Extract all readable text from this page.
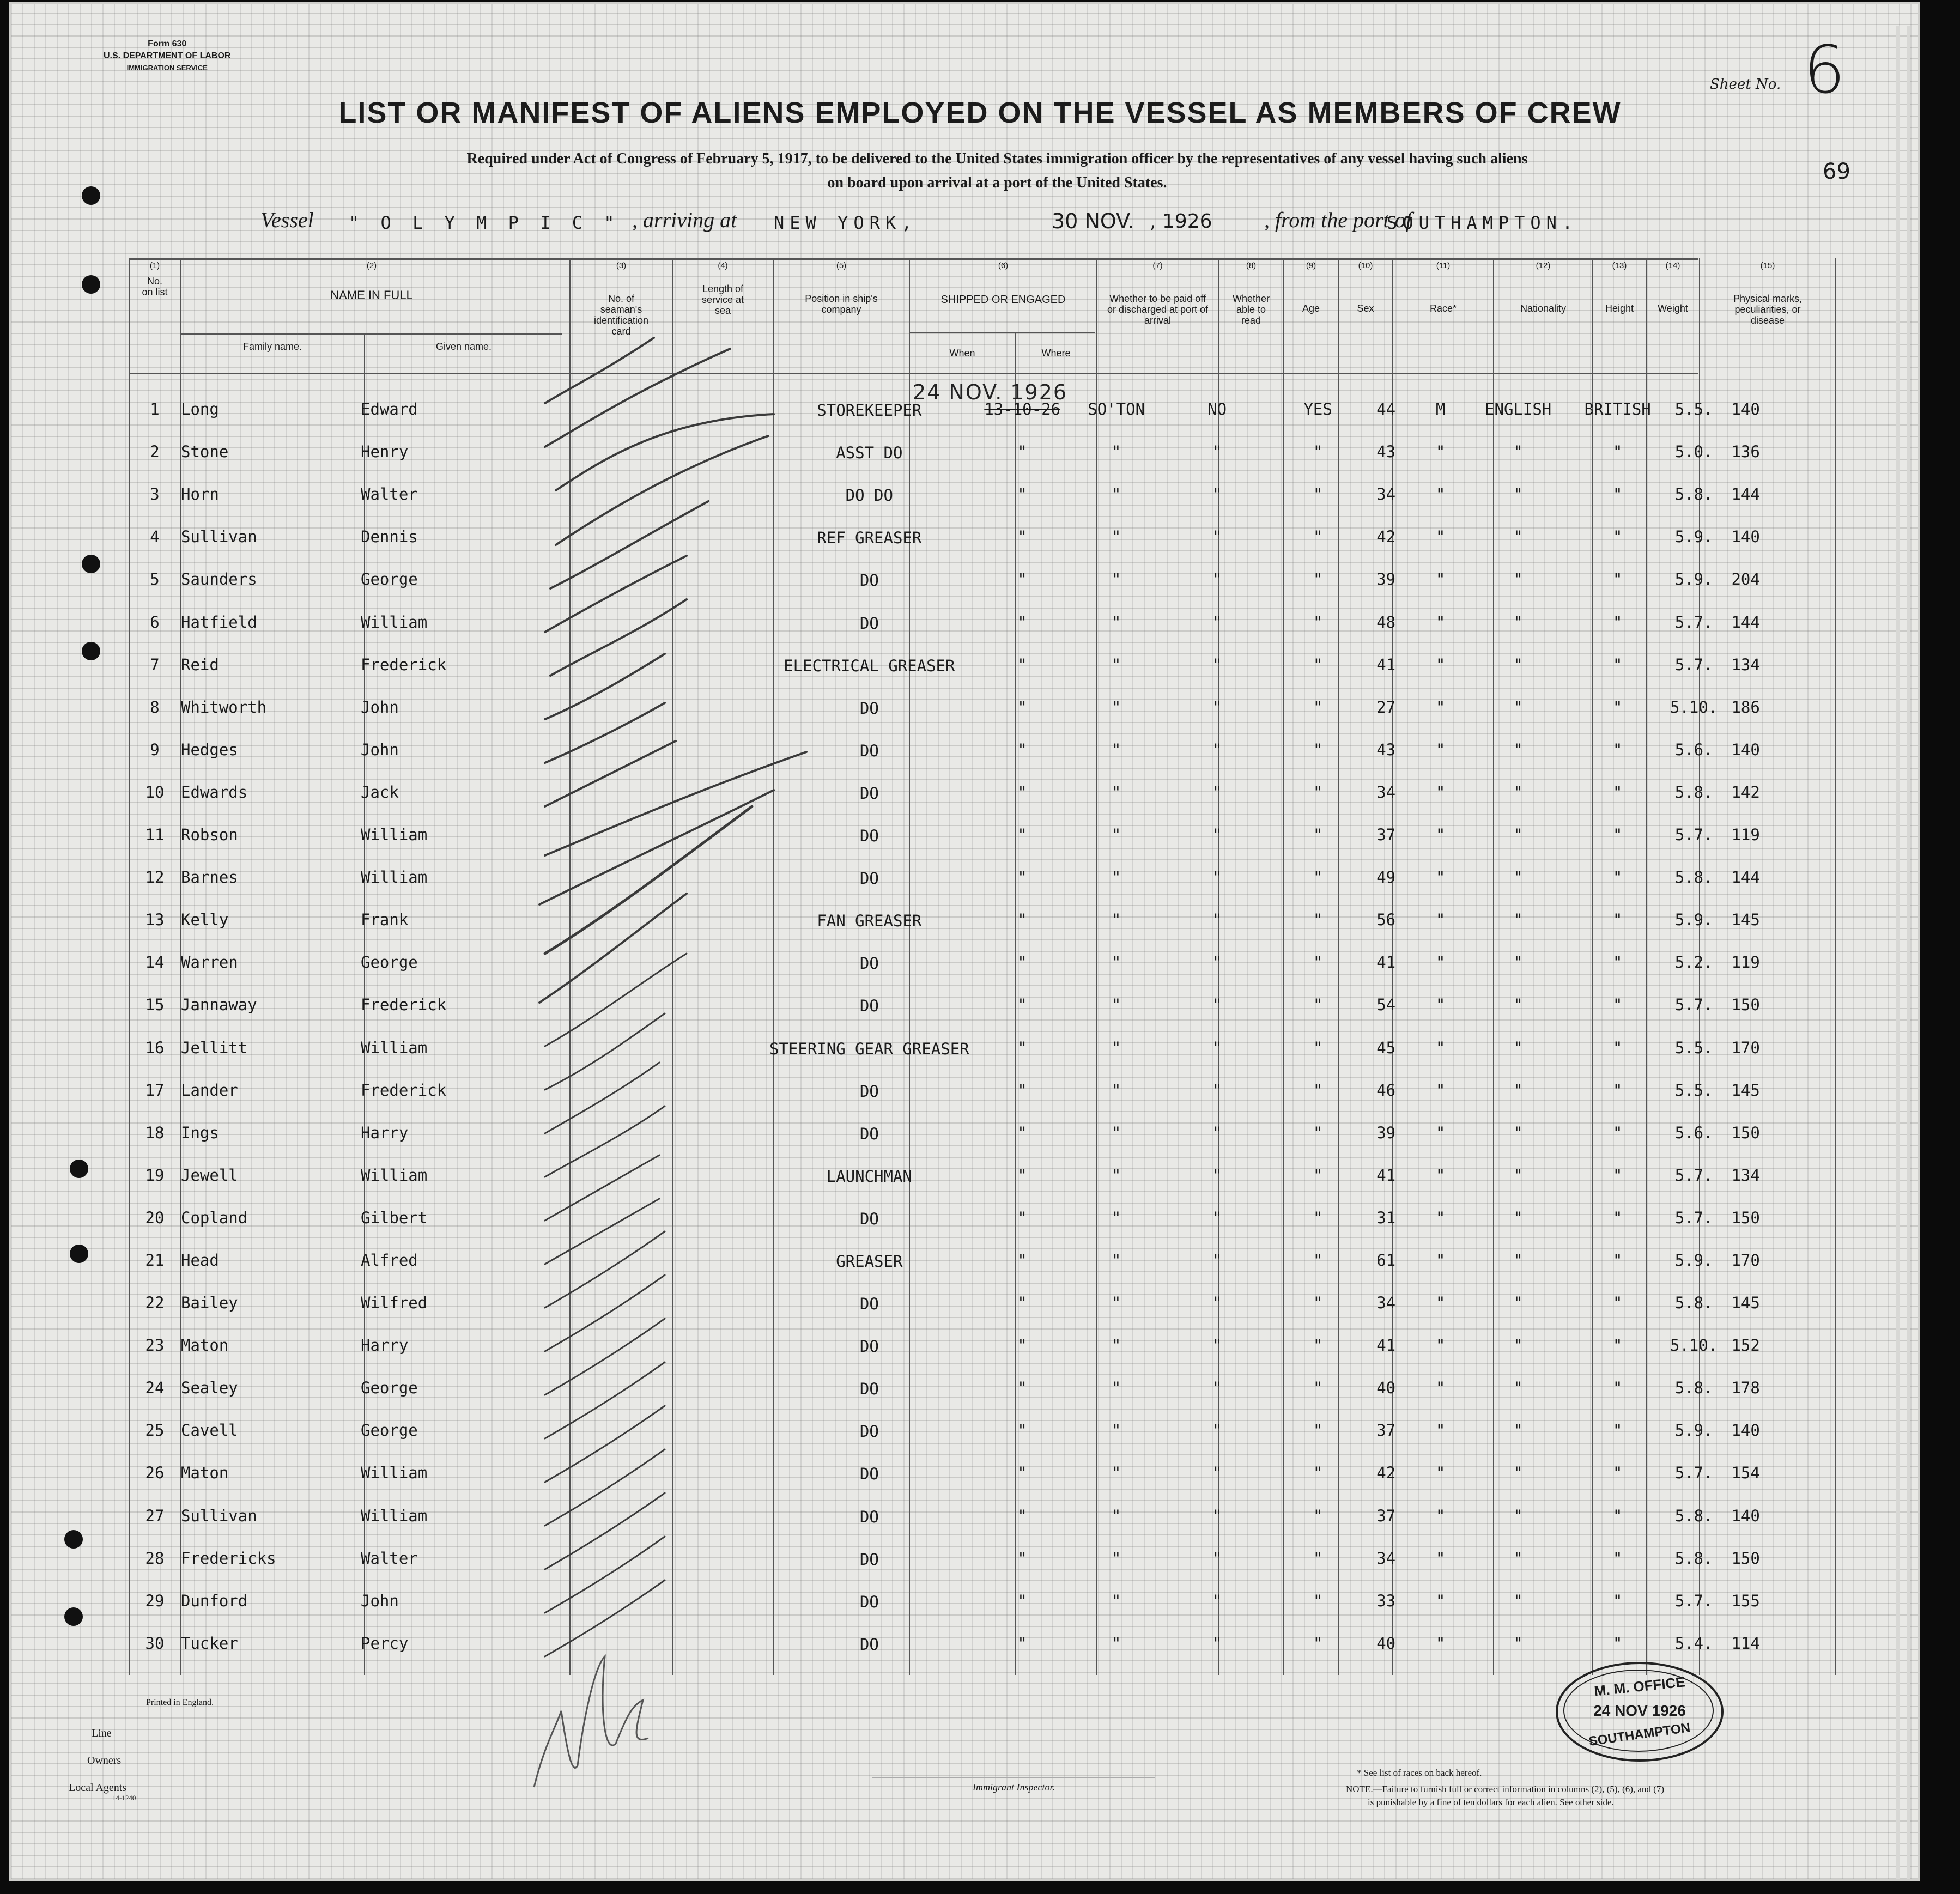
Form 630
U.S. DEPARTMENT OF LABOR
IMMIGRATION SERVICE
Sheet No. 6
69
LIST OR MANIFEST OF ALIENS EMPLOYED ON THE VESSEL AS MEMBERS OF CREW
Required under Act of Congress of February 5, 1917, to be delivered to the United States immigration officer by the representatives of any vessel having such aliens
on board upon arrival at a port of the United States.
Vessel " O L Y M P I C " , arriving at NEW YORK,	30 NOV. , 1926 , from the port of
SOUTHAMPTON.
(1)
No. on list
(2)
NAME IN FULL
Family name.	Given name.
(3)
No. of seaman's identification card
(4)
Length of service at sea
(5)
Position in ship's company
(6)
SHIPPED OR ENGAGED
When	Where
(7)
Whether to be paid off or discharged at port of arrival
(8)
Whether able to read
(9)
Age
(10)
Sex
(11)
Race*
(12)
Nationality
(13)
Height
(14)
Weight
(15)
Physical marks, peculiarities, or disease
24 NOV. 1926
1	Long	Edward			STOREKEEPER	13-10-26	SO'TON	NO	YES	44	M	ENGLISH	BRITISH	5.5.	140	
2	Stone	Henry			ASST DO	"	"	"	"	43	"	"	"	5.0.	136	
3	Horn	Walter			DO DO	"	"	"	"	34	"	"	"	5.8.	144	
4	Sullivan	Dennis			REF GREASER	"	"	"	"	42	"	"	"	5.9.	140	
5	Saunders	George			DO	"	"	"	"	39	"	"	"	5.9.	204	
6	Hatfield	William			DO	"	"	"	"	48	"	"	"	5.7.	144	
7	Reid	Frederick			ELECTRICAL GREASER	"	"	"	"	41	"	"	"	5.7.	134	
8	Whitworth	John			DO	"	"	"	"	27	"	"	"	5.10.	186	
9	Hedges	John			DO	"	"	"	"	43	"	"	"	5.6.	140	
10	Edwards	Jack			DO	"	"	"	"	34	"	"	"	5.8.	142	
11	Robson	William			DO	"	"	"	"	37	"	"	"	5.7.	119	
12	Barnes	William			DO	"	"	"	"	49	"	"	"	5.8.	144	
13	Kelly	Frank			FAN GREASER	"	"	"	"	56	"	"	"	5.9.	145	
14	Warren	George			DO	"	"	"	"	41	"	"	"	5.2.	119	
15	Jannaway	Frederick			DO	"	"	"	"	54	"	"	"	5.7.	150	
16	Jellitt	William			STEERING GEAR GREASER	"	"	"	"	45	"	"	"	5.5.	170	
17	Lander	Frederick			DO	"	"	"	"	46	"	"	"	5.5.	145	
18	Ings	Harry			DO	"	"	"	"	39	"	"	"	5.6.	150	
19	Jewell	William			LAUNCHMAN	"	"	"	"	41	"	"	"	5.7.	134	
20	Copland	Gilbert			DO	"	"	"	"	31	"	"	"	5.7.	150	
21	Head	Alfred			GREASER	"	"	"	"	61	"	"	"	5.9.	170	
22	Bailey	Wilfred			DO	"	"	"	"	34	"	"	"	5.8.	145	
23	Maton	Harry			DO	"	"	"	"	41	"	"	"	5.10.	152	
24	Sealey	George			DO	"	"	"	"	40	"	"	"	5.8.	178	
25	Cavell	George			DO	"	"	"	"	37	"	"	"	5.9.	140	
26	Maton	William			DO	"	"	"	"	42	"	"	"	5.7.	154	
27	Sullivan	William			DO	"	"	"	"	37	"	"	"	5.8.	140	
28	Fredericks	Walter			DO	"	"	"	"	34	"	"	"	5.8.	150	
29	Dunford	John			DO	"	"	"	"	33	"	"	"	5.7.	155	
30	Tucker	Percy			DO	"	"	"	"	40	"	"	"	5.4.	114	
Printed in England.
Line
Owners
Local Agents
14-1240
Immigrant Inspector.
* See list of races on back hereof.
NOTE.—Failure to furnish full or correct information in columns (2), (5), (6), and (7)
is punishable by a fine of ten dollars for each alien. See other side.
M. M. OFFICE
24 NOV 1926
SOUTHAMPTON
